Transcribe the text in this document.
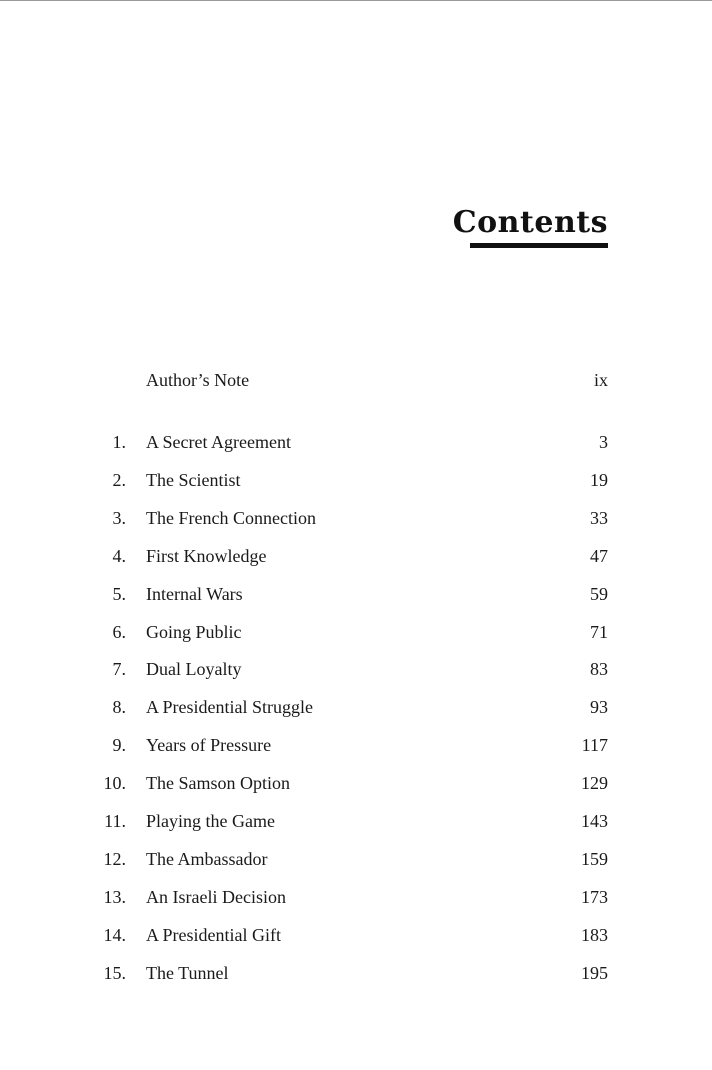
Contents
Author’s Note	ix
1. A Secret Agreement	3
2. The Scientist	19
3. The French Connection	33
4. First Knowledge	47
5. Internal Wars	59
6. Going Public	71
7. Dual Loyalty	83
8. A Presidential Struggle	93
9. Years of Pressure	117
10. The Samson Option	129
11. Playing the Game	143
12. The Ambassador	159
13. An Israeli Decision	173
14. A Presidential Gift	183
15. The Tunnel	195
